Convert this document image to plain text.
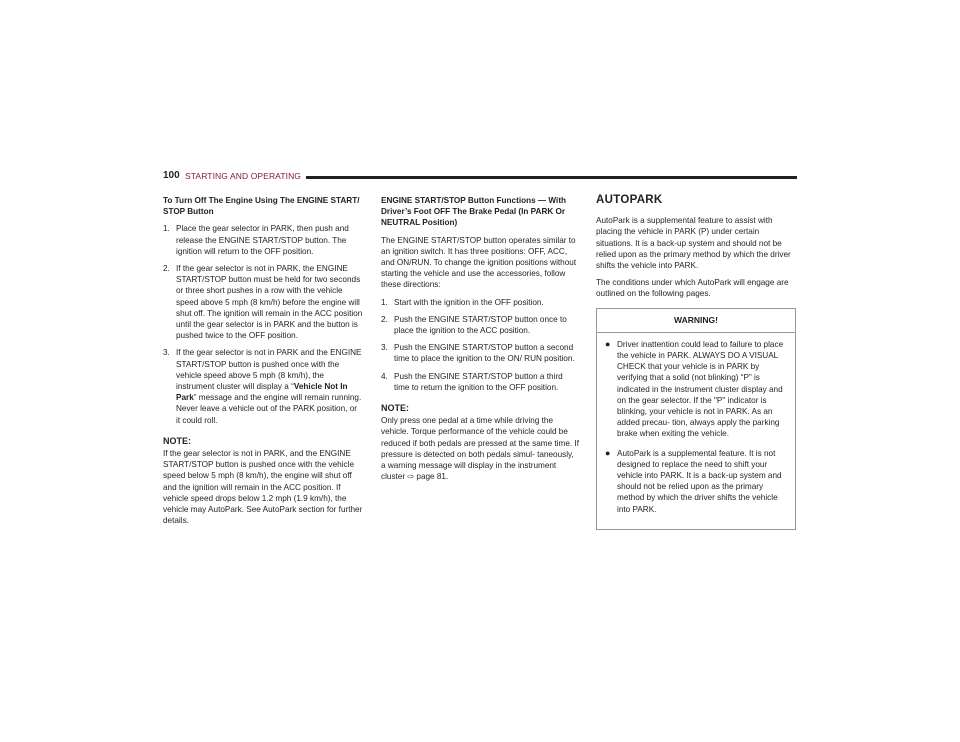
100 STARTING AND OPERATING
To Turn Off The Engine Using The ENGINE START/ STOP Button
1. Place the gear selector in PARK, then push and release the ENGINE START/STOP button. The ignition will return to the OFF position.
2. If the gear selector is not in PARK, the ENGINE START/STOP button must be held for two seconds or three short pushes in a row with the vehicle speed above 5 mph (8 km/h) before the engine will shut off. The ignition will remain in the ACC position until the gear selector is in PARK and the button is pushed twice to the OFF position.
3. If the gear selector is not in PARK and the ENGINE START/STOP button is pushed once with the vehicle speed above 5 mph (8 km/h), the instrument cluster will display a “Vehicle Not In Park” message and the engine will remain running. Never leave a vehicle out of the PARK position, or it could roll.
NOTE:

If the gear selector is not in PARK, and the ENGINE START/STOP button is pushed once with the vehicle speed below 5 mph (8 km/h), the engine will shut off and the ignition will remain in the ACC position. If vehicle speed drops below 1.2 mph (1.9 km/h), the vehicle may AutoPark. See AutoPark section for further details.

ENGINE START/STOP Button Functions — With Driver’s Foot OFF The Brake Pedal (In PARK Or NEUTRAL Position)

The ENGINE START/STOP button operates similar to an ignition switch. It has three positions: OFF, ACC, and ON/RUN. To change the ignition positions without starting the vehicle and use the accessories, follow these directions:

1. Start with the ignition in the OFF position.
2. Push the ENGINE START/STOP button once to place the ignition to the ACC position.
3. Push the ENGINE START/STOP button a second time to place the ignition to the ON/ RUN position.
4. Push the ENGINE START/STOP button a third time to return the ignition to the OFF position.
NOTE:

Only press one pedal at a time while driving the vehicle. Torque performance of the vehicle could be reduced if both pedals are pressed at the same time. If pressure is detected on both pedals simul- taneously, a warning message will display in the instrument cluster ⇨ page 81.

AUTOPARK

AutoPark is a supplemental feature to assist with placing the vehicle in PARK (P) under certain situations. It is a back-up system and should not be relied upon as the primary method by which the driver shifts the vehicle into PARK.

The conditions under which AutoPark will engage are outlined on the following pages.

WARNING!
● Driver inattention could lead to failure to place the vehicle in PARK. ALWAYS DO A VISUAL CHECK that your vehicle is in PARK by verifying that a solid (not blinking) “P” is indicated in the instrument cluster display and on the gear selector. If the "P" indicator is blinking, your vehicle is not in PARK. As an added precau- tion, always apply the parking brake when exiting the vehicle.
● AutoPark is a supplemental feature. It is not designed to replace the need to shift your vehicle into PARK. It is a back-up system and should not be relied upon as the primary method by which the driver shifts the vehicle into PARK.
